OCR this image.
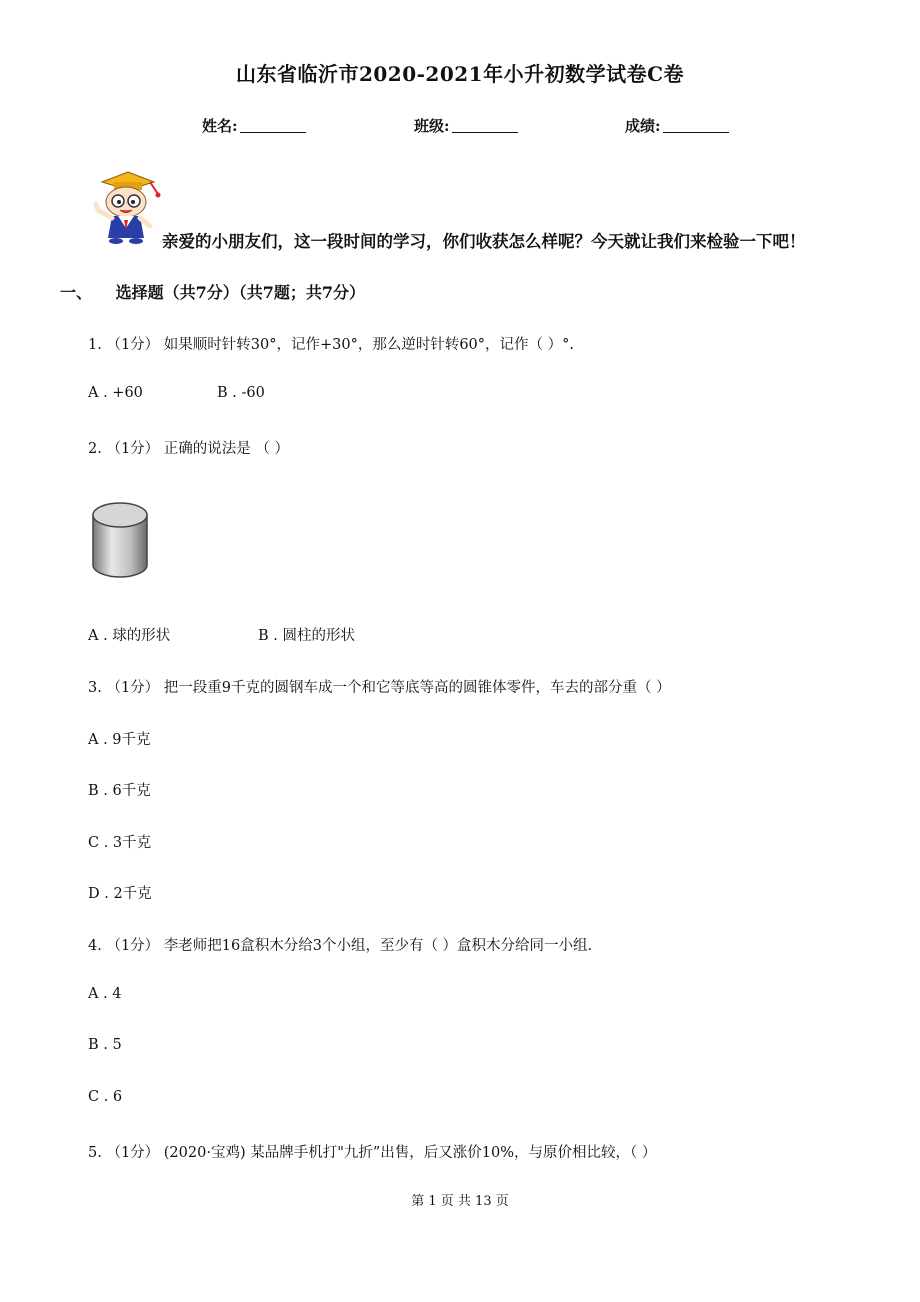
山东省临沂市2020-2021年小升初数学试卷C卷
姓名:	班级:	成绩:
亲爱的小朋友们，这一段时间的学习，你们收获怎么样呢？今天就让我们来检验一下吧！
一、 选择题（共7分）（共7题；共7分）
1. （1分） 如果顺时针转30°，记作+30°，那么逆时针转60°，记作（ ）°.
A . +60	B . -60
2. （1分） 正确的说法是 （ ）
A . 球的形状	B . 圆柱的形状
3. （1分） 把一段重9千克的圆钢车成一个和它等底等高的圆锥体零件，车去的部分重（ ）
A . 9千克
B . 6千克
C . 3千克
D . 2千克
4. （1分） 李老师把16盒积木分给3个小组，至少有（ ）盒积木分给同一小组.
A . 4
B . 5
C . 6
5. （1分） (2020·宝鸡) 某品牌手机打"九折”出售，后又涨价10%，与原价相比较，（ ）
第 1 页 共 13 页
